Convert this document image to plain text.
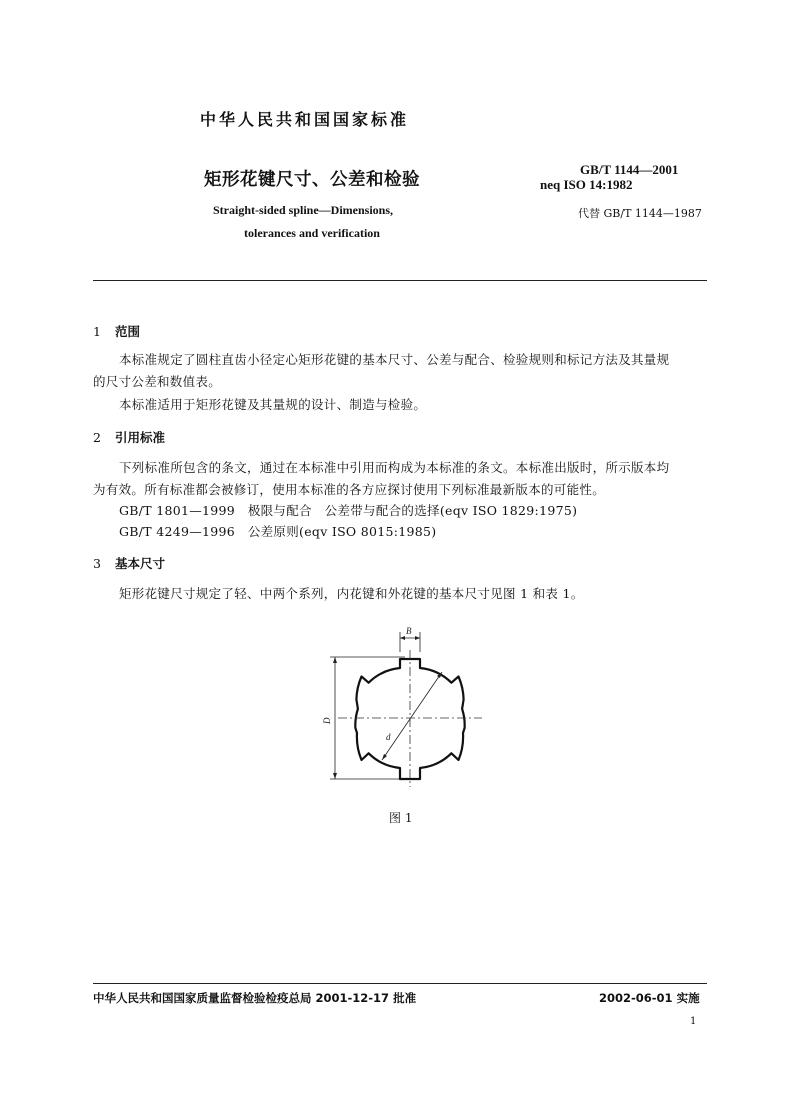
中华人民共和国国家标准
矩形花键尺寸、公差和检验
Straight-sided spline—Dimensions,
tolerances and verification
GB/T 1144—2001
neq ISO 14:1982
代替 GB/T 1144—1987
1 范围
本标准规定了圆柱直齿小径定心矩形花键的基本尺寸、公差与配合、检验规则和标记方法及其量规
的尺寸公差和数值表。
本标准适用于矩形花键及其量规的设计、制造与检验。
2 引用标准
下列标准所包含的条文，通过在本标准中引用而构成为本标准的条文。本标准出版时，所示版本均
为有效。所有标准都会被修订，使用本标准的各方应探讨使用下列标准最新版本的可能性。
GB/T 1801—1999　极限与配合　公差带与配合的选择(eqv ISO 1829:1975)
GB/T 4249—1996　公差原则(eqv ISO 8015:1985)
3 基本尺寸
矩形花键尺寸规定了轻、中两个系列，内花键和外花键的基本尺寸见图 1 和表 1。
B
D
d
图 1
中华人民共和国国家质量监督检验检疫总局 2001-12-17 批准	2002-06-01 实施
1
